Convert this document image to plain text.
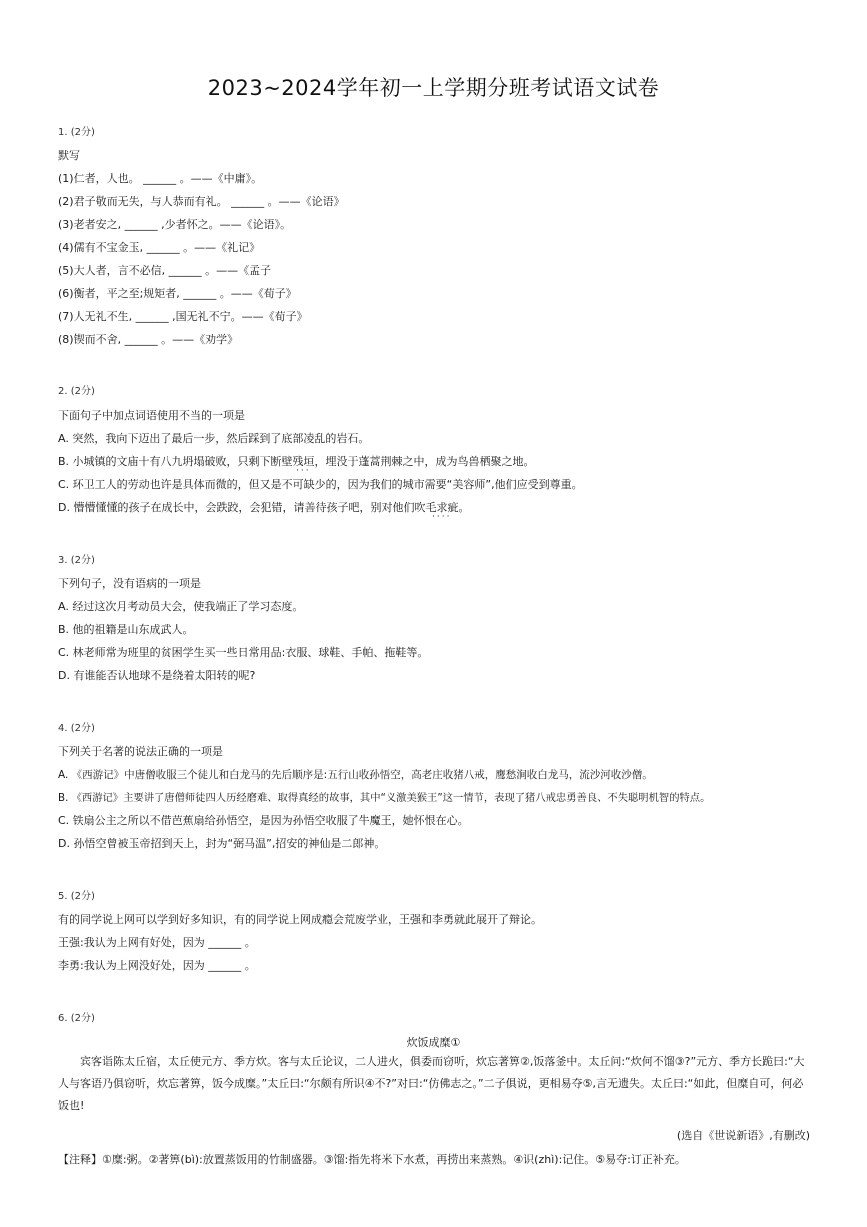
2023~2024学年初一上学期分班考试语文试卷
1. (2分)
默写
(1)仁者，人也。 ______ 。——《中庸》。
(2)君子敬而无失，与人恭而有礼。 ______ 。——《论语》
(3)老者安之, ______ ,少者怀之。——《论语》。
(4)儒有不宝金玉, ______ 。——《礼记》
(5)大人者，言不必信, ______ 。——《孟子
(6)衡者，平之至;规矩者, ______ 。——《荀子》
(7)人无礼不生, ______ ,国无礼不宁。——《荀子》
(8)锲而不舍, ______ 。——《劝学》
2. (2分)
下面句子中加点词语使用不当的一项是
A. 突然，我向下迈出了最后一步，然后踩到了底部凌乱的岩石。
B. 小城镇的文庙十有八九坍塌破败，只剩下断壁残垣，埋没于蓬蒿荆棘之中，成为鸟兽栖聚之地。
C. 环卫工人的劳动也许是具体而微的，但又是不可缺少的，因为我们的城市需要“美容师”,他们应受到尊重。
D. 懵懵懂懂的孩子在成长中，会跌跤，会犯错，请善待孩子吧，别对他们吹毛求疵。
···
····
3. (2分)
下列句子，没有语病的一项是
A. 经过这次月考动员大会，使我端正了学习态度。
B. 他的祖籍是山东成武人。
C. 林老师常为班里的贫困学生买一些日常用品:衣服、球鞋、手帕、拖鞋等。
D. 有谁能否认地球不是绕着太阳转的呢?
4. (2分)
下列关于名著的说法正确的一项是
A. 《西游记》中唐僧收服三个徒儿和白龙马的先后顺序是:五行山收孙悟空，高老庄收猪八戒，鹰愁涧收白龙马，流沙河收沙僧。
B. 《西游记》主要讲了唐僧师徒四人历经磨难、取得真经的故事，其中“义激美猴王”这一情节，表现了猪八戒忠勇善良、不失聪明机智的特点。
C. 铁扇公主之所以不借芭蕉扇给孙悟空，是因为孙悟空收服了牛魔王，她怀恨在心。
D. 孙悟空曾被玉帝招到天上，封为“弼马温”,招安的神仙是二郎神。
5. (2分)
有的同学说上网可以学到好多知识，有的同学说上网成瘾会荒废学业，王强和李勇就此展开了辩论。
王强:我认为上网有好处，因为 ______ 。
李勇:我认为上网没好处，因为 ______ 。
6. (2分)
炊饭成糜①
宾客诣陈太丘宿，太丘使元方、季方炊。客与太丘论议，二人进火，俱委而窃听，炊忘著箅②,饭落釜中。太丘问:“炊何不馏③?”元方、季方长跪曰:“大人与客语乃俱窃听，炊忘著箅，饭今成糜。”太丘曰:“尔颇有所识④不?”对曰:“仿佛志之。”二子俱说，更相易夺⑤,言无遗失。太丘曰:“如此，但糜自可，何必饭也!
(选自《世说新语》,有删改)
【注释】①糜:粥。②著箅(bì):放置蒸饭用的竹制盛器。③馏:指先将米下水煮，再捞出来蒸熟。④识(zhì):记住。⑤易夺:订正补充。
